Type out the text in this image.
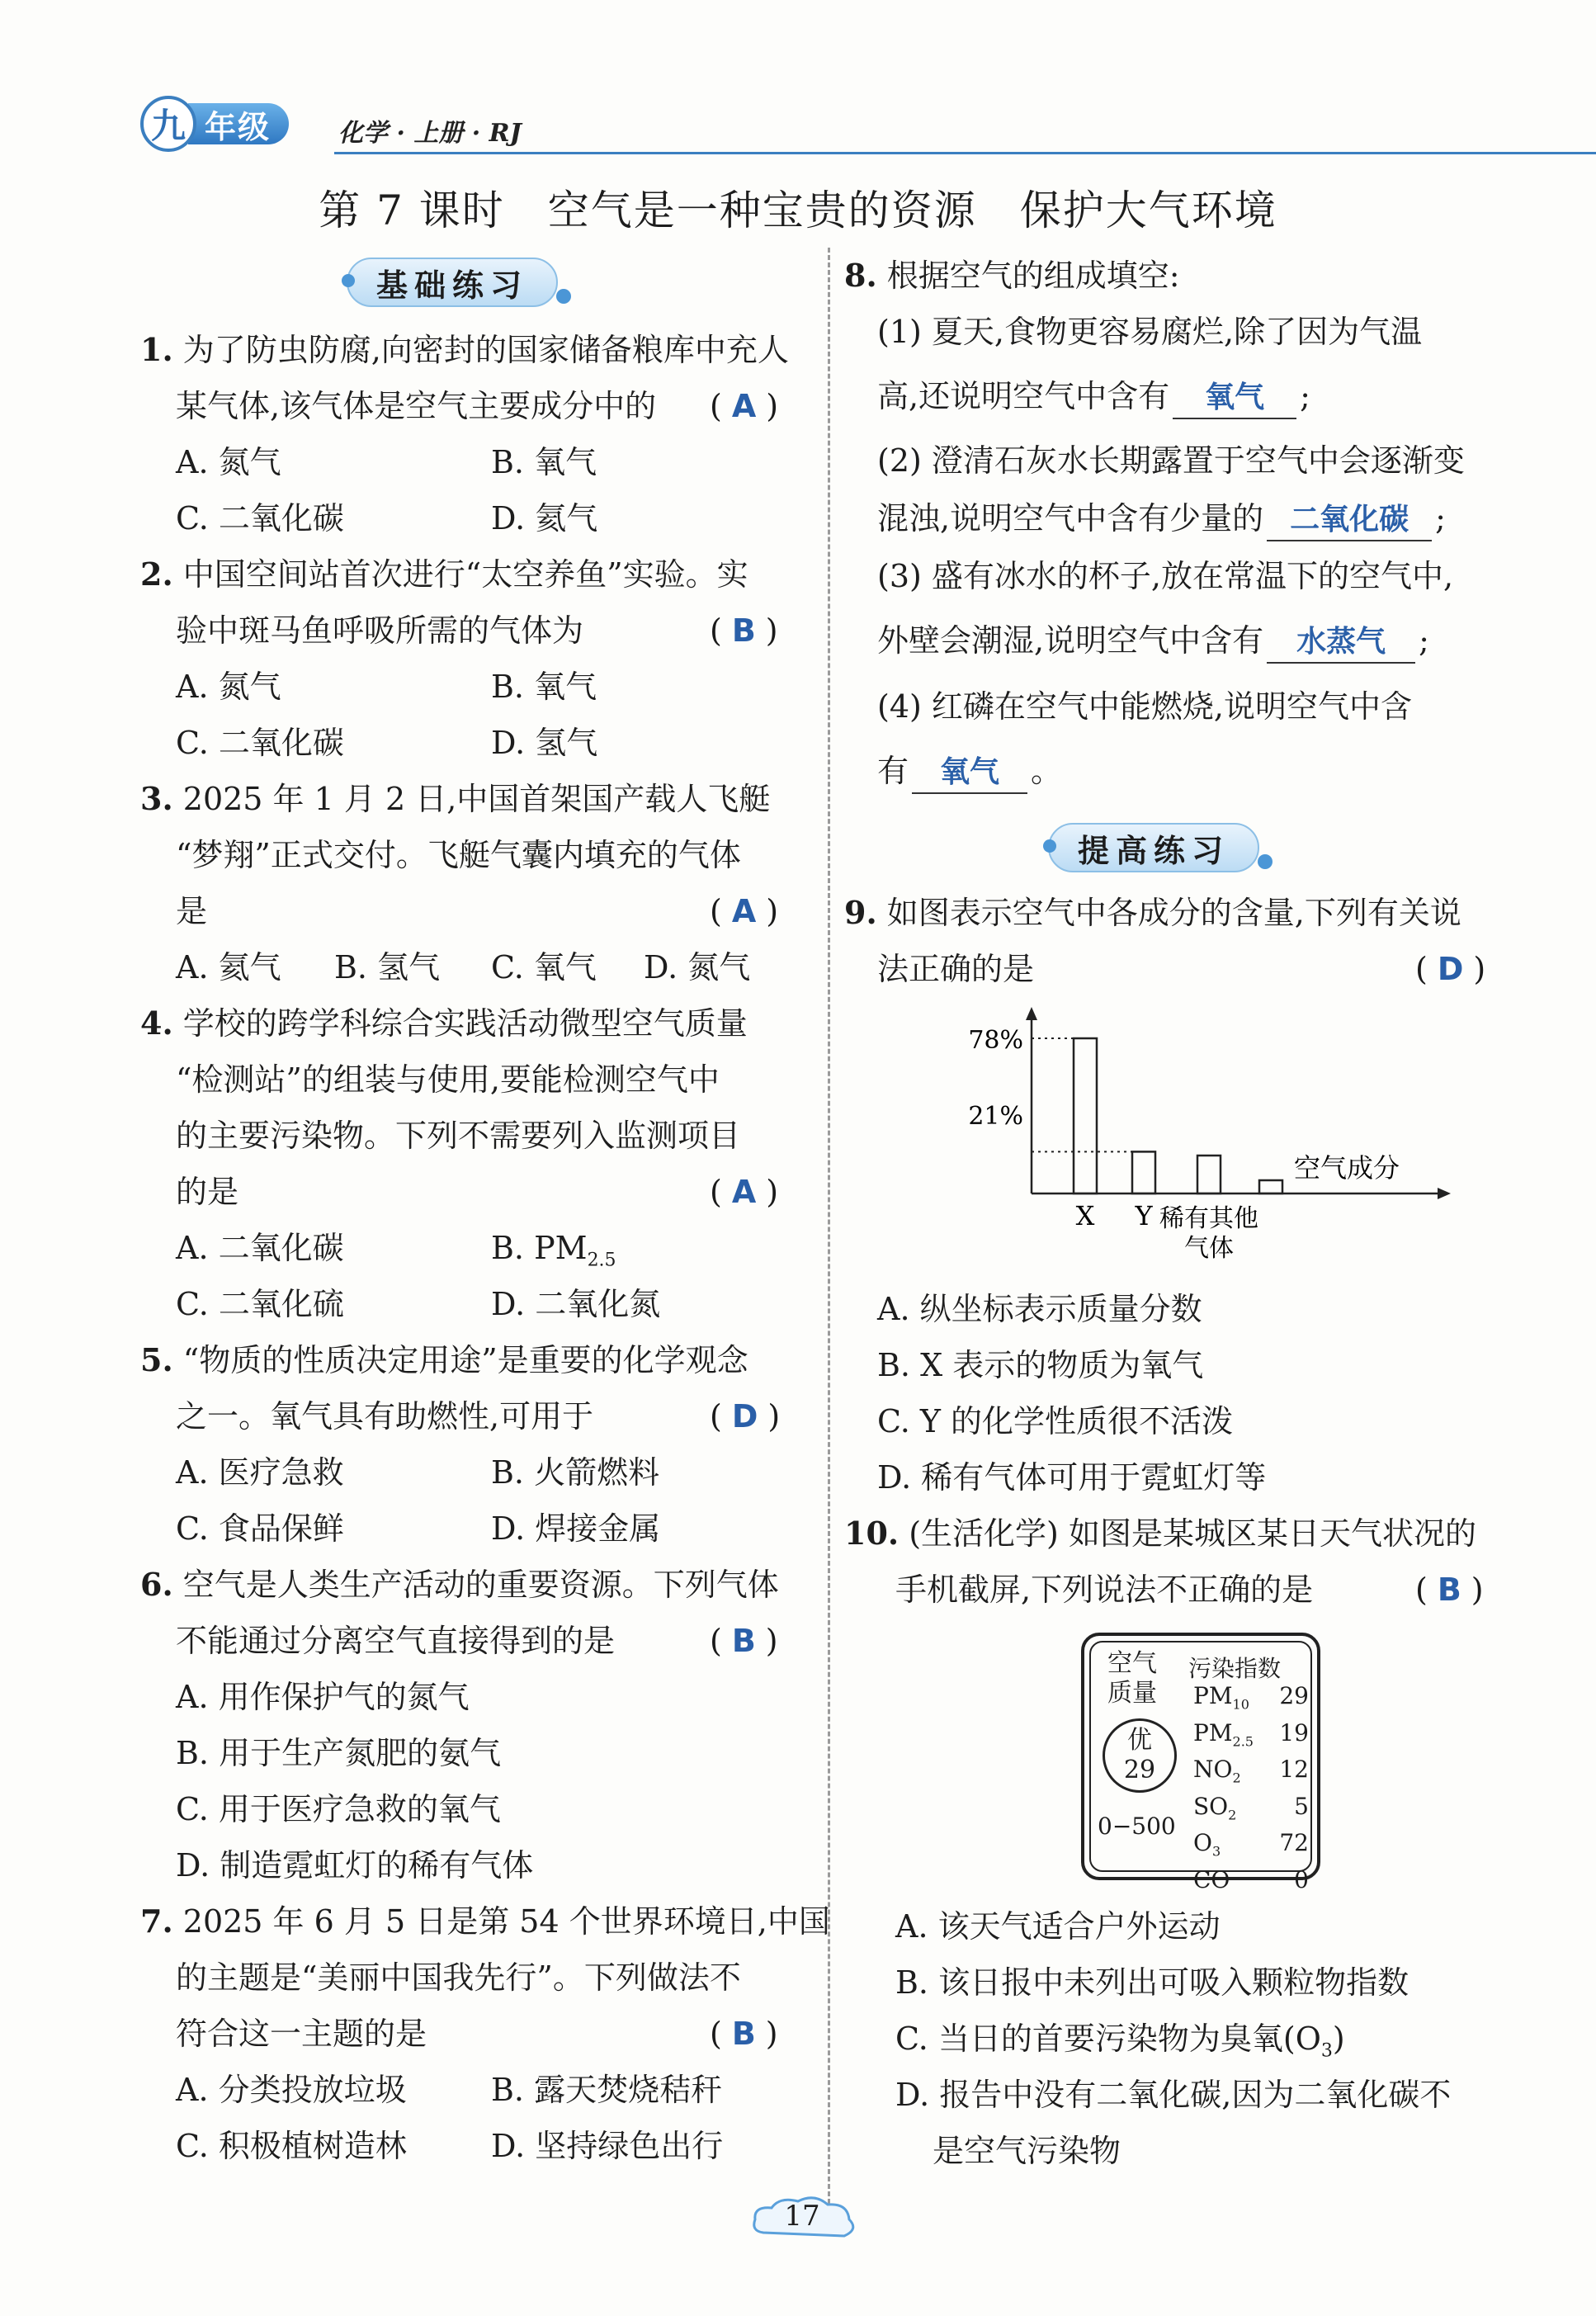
九 年级	化学 · 上册 · RJ
第 7 课时　空气是一种宝贵的资源　保护大气环境
基础练习
1. 为了防虫防腐,向密封的国家储备粮库中充人
某气体,该气体是空气主要成分中的 ( A )
A. 氮气	B. 氧气
C. 二氧化碳	D. 氦气
2. 中国空间站首次进行“太空养鱼”实验。实
验中斑马鱼呼吸所需的气体为	( B )
A. 氮气	B. 氧气
C. 二氧化碳	D. 氢气
3. 2025 年 1 月 2 日,中国首架国产载人飞艇
“梦翔”正式交付。飞艇气囊内填充的气体
是	( A )
A. 氦气 B. 氢气 C. 氧气 D. 氮气
4. 学校的跨学科综合实践活动微型空气质量
“检测站”的组装与使用,要能检测空气中
的主要污染物。下列不需要列入监测项目
的是	( A )
A. 二氧化碳	B. $PM_{2.5}$
C. 二氧化硫	D. 二氧化氮
5. “物质的性质决定用途”是重要的化学观念
之一。氧气具有助燃性,可用于	( D )
A. 医疗急救	B. 火箭燃料
C. 食品保鲜	D. 焊接金属
6. 空气是人类生产活动的重要资源。下列气体
不能通过分离空气直接得到的是	( B )
A. 用作保护气的氮气
B. 用于生产氮肥的氨气
C. 用于医疗急救的氧气
D. 制造霓虹灯的稀有气体
7. 2025 年 6 月 5 日是第 54 个世界环境日,中国
的主题是“美丽中国我先行”。下列做法不
符合这一主题的是	( B )
A. 分类投放垃圾	B. 露天焚烧秸秆
C. 积极植树造林	D. 坚持绿色出行
8. 根据空气的组成填空:
(1) 夏天,食物更容易腐烂,除了因为气温
高,还说明空气中含有 氧气 ;
(2) 澄清石灰水长期露置于空气中会逐渐变
混浊,说明空气中含有少量的 二氧化碳 ;
(3) 盛有冰水的杯子,放在常温下的空气中,
外壁会潮湿,说明空气中含有 水蒸气 ;
(4) 红磷在空气中能燃烧,说明空气中含
有 氧气 。
提高练习
9. 如图表示空气中各成分的含量,下列有关说
法正确的是	( D )
78%
21%
空气成分
X Y 稀有其他
气体
A. 纵坐标表示质量分数
B. X 表示的物质为氧气
C. Y 的化学性质很不活泼
D. 稀有气体可用于霓虹灯等
10. (生活化学) 如图是某城区某日天气状况的
手机截屏,下列说法不正确的是	( B )
空气
质量
优
29
0−500
污染指数
$PM_{10}$ 29
$PM_{2.5}$ 19
$NO_2$ 12
$SO_2$ 5
$O_3$	72
CO	0
A. 该天气适合户外运动
B. 该日报中未列出可吸入颗粒物指数
C. 当日的首要污染物为臭氧$(O_3)$
D. 报告中没有二氧化碳,因为二氧化碳不
是空气污染物
17
